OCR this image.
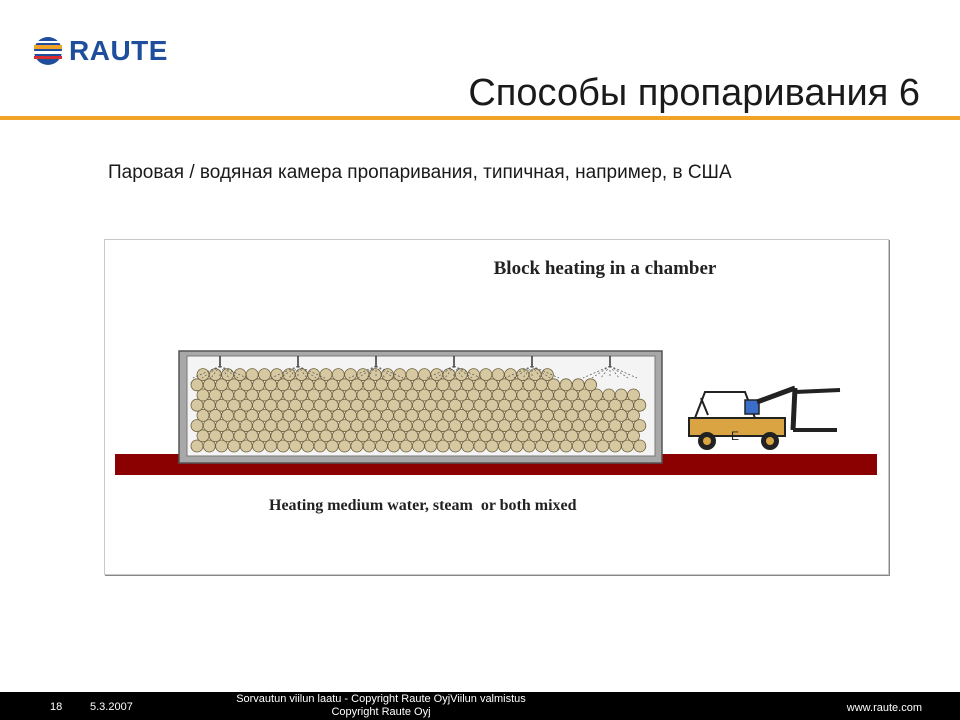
RAUTE
Способы пропаривания 6
Паровая / водяная камера пропаривания, типичная, например, в США
Block heating in a chamber
E
Heating medium water, steam  or both mixed
18	5.3.2007
Sorvautun viilun laatu - Copyright Raute OyjViilun valmistus
Copyright Raute Oyj	www.raute.com
